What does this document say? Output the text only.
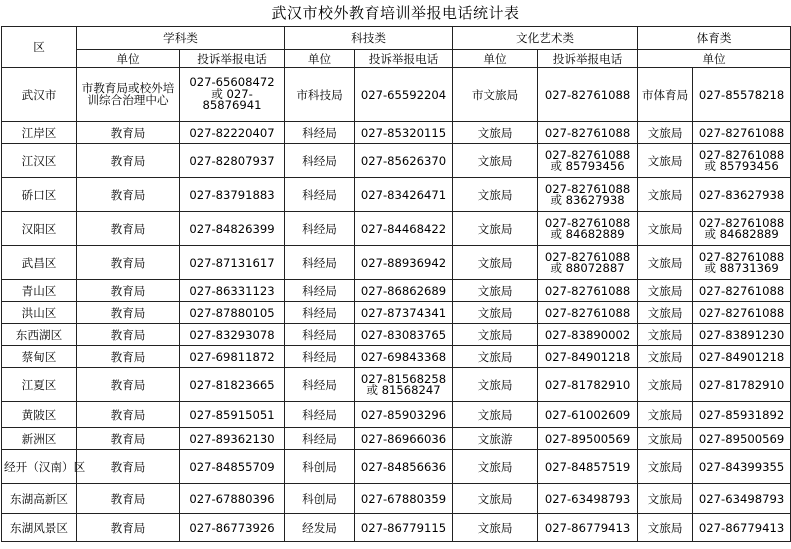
武汉市校外教育培训举报电话统计表
区	学科类		科技类		文化艺术类		体育类	
	单位	投诉举报电话	单位	投诉举报电话	单位	投诉举报电话	单位	
武汉市	市教育局或校外培训综合治理中心	027-65608472 或 027-85876941	市科技局	027-65592204	市文旅局	027-82761088	市体育局	027-85578218
江岸区	教育局	027-82220407	科经局	027-85320115	文旅局	027-82761088	文旅局	027-82761088
江汉区	教育局	027-82807937	科经局	027-85626370	文旅局	027-82761088 或 85793456	文旅局	027-82761088 或 85793456
硚口区	教育局	027-83791883	科经局	027-83426471	文旅局	027-82761088 或 83627938	文旅局	027-83627938
汉阳区	教育局	027-84826399	科经局	027-84468422	文旅局	027-82761088 或 84682889	文旅局	027-82761088 或 84682889
武昌区	教育局	027-87131617	科经局	027-88936942	文旅局	027-82761088 或 88072887	文旅局	027-82761088 或 88731369
青山区	教育局	027-86331123	科经局	027-86862689	文旅局	027-82761088	文旅局	027-82761088
洪山区	教育局	027-87880105	科经局	027-87374341	文旅局	027-82761088	文旅局	027-82761088
东西湖区	教育局	027-83293078	科经局	027-83083765	文旅局	027-83890002	文旅局	027-83891230
蔡甸区	教育局	027-69811872	科经局	027-69843368	文旅局	027-84901218	文旅局	027-84901218
江夏区	教育局	027-81823665	科经局	027-81568258 或 81568247	文旅局	027-81782910	文旅局	027-81782910
黄陂区	教育局	027-85915051	科经局	027-85903296	文旅局	027-61002609	文旅局	027-85931892
新洲区	教育局	027-89362130	科经局	027-86966036	文旅游	027-89500569	文旅局	027-89500569
经开（汉南）区	教育局	027-84855709	科创局	027-84856636	文旅局	027-84857519	文旅局	027-84399355
东湖高新区	教育局	027-67880396	科创局	027-67880359	文旅局	027-63498793	文旅局	027-63498793
东湖风景区	教育局	027-86773926	经发局	027-86779115	文旅局	027-86779413	文旅局	027-86779413
